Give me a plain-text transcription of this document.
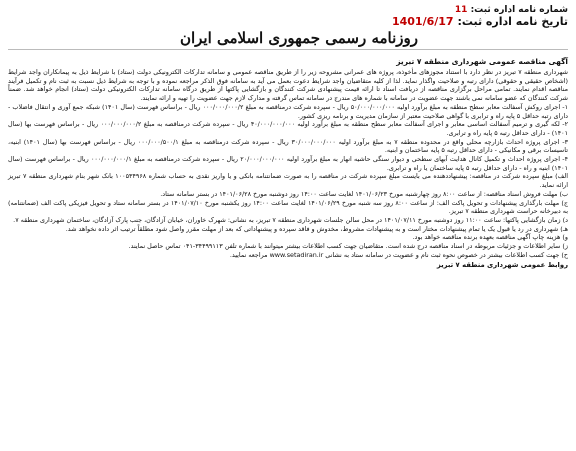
شماره نامه اداره ثبت: 11
تاریخ نامه اداره ثبت: 1401/6/17
روزنامه رسمی جمهوری اسلامی ایران
آگهی مناقصه عمومی شهرداری منطقه ۷ تبریز

شهرداری منطقه ۷ تبریز در نظر دارد با استناد مجوزهای مأخوذه، پروژه های عمرانی مشروحه زیر را از طریق مناقصه عمومی و سامانه تدارکات الکترونیکی دولت (ستاد) با شرایط ذیل به پیمانکاران واجد شرایط (اشخاص حقیقی و حقوقی) دارای رتبه و صلاحیت واگذار نماید. لذا از کلیه متقاضیان واجد شرایط دعوت بعمل می آید به سامانه فوق الذکر مراجعه نموده و با توجه به شرایط ذیل نسبت به ثبت نام و تکمیل فرآیند مناقصه اقدام نمایند. تمامی مراحل برگزاری مناقصه از دریافت اسناد تا ارائه قیمت پیشنهادی شرکت کنندگان و بازگشایی پاکتها از طریق درگاه سامانه تدارکات الکترونیکی دولت (ستاد) انجام خواهد شد. ضمناً شرکت کنندگان که عضو سامانه نمی باشند جهت عضویت در سامانه با شماره های مندرج در سامانه تماس گرفته و مدارک لازم جهت عضویت را تهیه و ارائه نمایند.

۱- اجرای روکش آسفالت معابر سطح منطقه به مبلغ برآورد اولیه ۵۰/۰۰۰/۰۰۰/۰۰۰ ریال - سپرده شرکت درمناقصه به مبلغ ۰۰۰/۰۰۰/۰۰۰/۲ ریال - براساس فهرست (سال ۱۴۰۱) شبکه جمع آوری و انتقال فاضلاب - دارای رتبه حداقل ۵ پایه راه و ترابری با گواهی صلاحیت معتبر از سازمان مدیریت و برنامه ریزی کشور.

۲- لکه گیری و ترمیم آسفالت اساسی معابر و اجرای آسفالت معابر سطح منطقه به مبلغ برآورد اولیه ۴۰/۰۰۰/۰۰۰/۰۰۰ ریال - سپرده شرکت درمناقصه به مبلغ ۰۰۰/۰۰۰/۰۰۰/۲ ریال - براساس فهرست بها (سال ۱۴۰۱) - دارای حداقل رتبه ۵ پایه راه و ترابری.

۳- اجرای پروژه احداث بازارچه محلی واقع در محدوده منطقه ۷ به مبلغ برآورد اولیه ۳۰/۰۰۰/۰۰۰/۰۰۰ ریال - سپرده شرکت درمناقصه به مبلغ ۰۰۰/۰۰۰/۵۰۰/۱ ریال - براساس فهرست بها (سال ۱۴۰۱) ابنیه، تاسیسات برقی و مکانیکی - دارای حداقل رتبه ۵ پایه ساختمان و ابنیه.

۴- اجرای پروژه احداث و تکمیل کانال هدایت آبهای سطحی و دیوار سنگی حاشیه انهار به مبلغ برآورد اولیه ۲۰/۰۰۰/۰۰۰/۰۰۰ ریال - سپرده شرکت درمناقصه به مبلغ ۰۰۰/۰۰۰/۰۰۰/۱ ریال - براساس فهرست (سال ۱۴۰۱) ابنیه و راه - دارای حداقل رتبه ۵ پایه ساختمان یا راه و ترابری.

الف) مبلغ سپرده شرکت در مناقصه: پیشنهاددهنده می بایست مبلغ سپرده شرکت در مناقصه را به صورت ضمانتنامه بانکی و یا واریز نقدی به حساب شماره ۱۰۰۵۳۴۹۶۸ بانک شهر بنام شهرداری منطقه ۷ تبریز ارائه نماید.

ب) مهلت فروش اسناد مناقصه: از ساعت ۸:۰۰ روز چهارشنبه مورخ ۱۴۰۱/۰۶/۲۳ لغایت ساعت ۱۴:۰۰ روز دوشنبه مورخ ۱۴۰۱/۰۶/۲۸ در بستر سامانه ستاد.

ج) مهلت بارگذاری پیشنهادات و تحویل پاکت الف: از ساعت ۸:۰۰ روز سه شنبه مورخ ۱۴۰۱/۰۶/۲۹ لغایت ساعت ۱۴:۰۰ روز یکشنبه مورخ ۱۴۰۱/۰۷/۱۰ در بستر سامانه ستاد و تحویل فیزیکی پاکت الف (ضمانتنامه) به دبیرخانه حراست شهرداری منطقه ۷ تبریز.

د) زمان بازگشایی پاکتها: ساعت ۱۱:۰۰ روز دوشنبه مورخ ۱۴۰۱/۰۷/۱۱ در محل سالن جلسات شهرداری منطقه ۷ تبریز، به نشانی: شهرک خاوران، خیابان آزادگان، جنب پارک آزادگان، ساختمان شهرداری منطقه ۷.

هـ) شهرداری در رد یا قبول یک یا تمام پیشنهادات مختار است و به پیشنهادات مشروط، مخدوش و فاقد سپرده و پیشنهاداتی که بعد از مهلت مقرر واصل شود مطلقاً ترتیب اثر داده نخواهد شد.

و) هزینه چاپ آگهی مناقصه بعهده برنده مناقصه خواهد بود.

ز) سایر اطلاعات و جزئیات مربوطه در اسناد مناقصه درج شده است. متقاضیان جهت کسب اطلاعات بیشتر میتوانند با شماره تلفن ۳۴۴۹۹۱۱۳-۰۴۱ تماس حاصل نمایند.

ح) جهت کسب اطلاعات بیشتر در خصوص نحوه ثبت نام و عضویت در سامانه ستاد به نشانی www.setadiran.ir مراجعه نمایید.

روابط عمومی شهرداری منطقه ۷ تبریز
